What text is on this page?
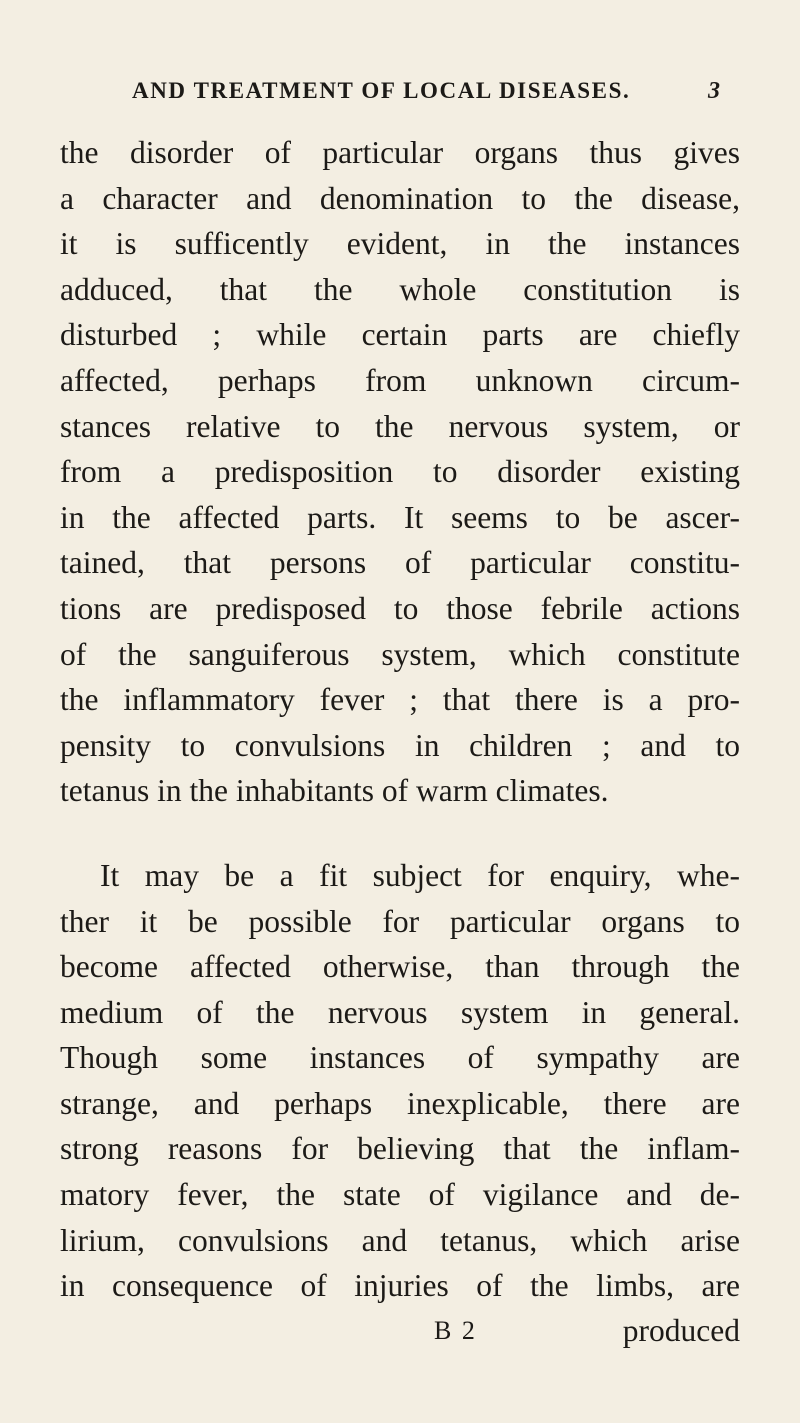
AND TREATMENT OF LOCAL DISEASES.	3
the disorder of particular organs thus gives
a character and denomination to the disease,
it is sufficently evident, in the instances
adduced, that the whole constitution is
disturbed ; while certain parts are chiefly
affected, perhaps from unknown circum-
stances relative to the nervous system, or
from a predisposition to disorder existing
in the affected parts. It seems to be ascer-
tained, that persons of particular constitu-
tions are predisposed to those febrile actions
of the sanguiferous system, which constitute
the inflammatory fever ; that there is a pro-
pensity to convulsions in children ; and to
tetanus in the inhabitants of warm climates.
It may be a fit subject for enquiry, whe-
ther it be possible for particular organs to
become affected otherwise, than through the
medium of the nervous system in general.
Though some instances of sympathy are
strange, and perhaps inexplicable, there are
strong reasons for believing that the inflam-
matory fever, the state of vigilance and de-
lirium, convulsions and tetanus, which arise
in consequence of injuries of the limbs, are
B 2	produced
